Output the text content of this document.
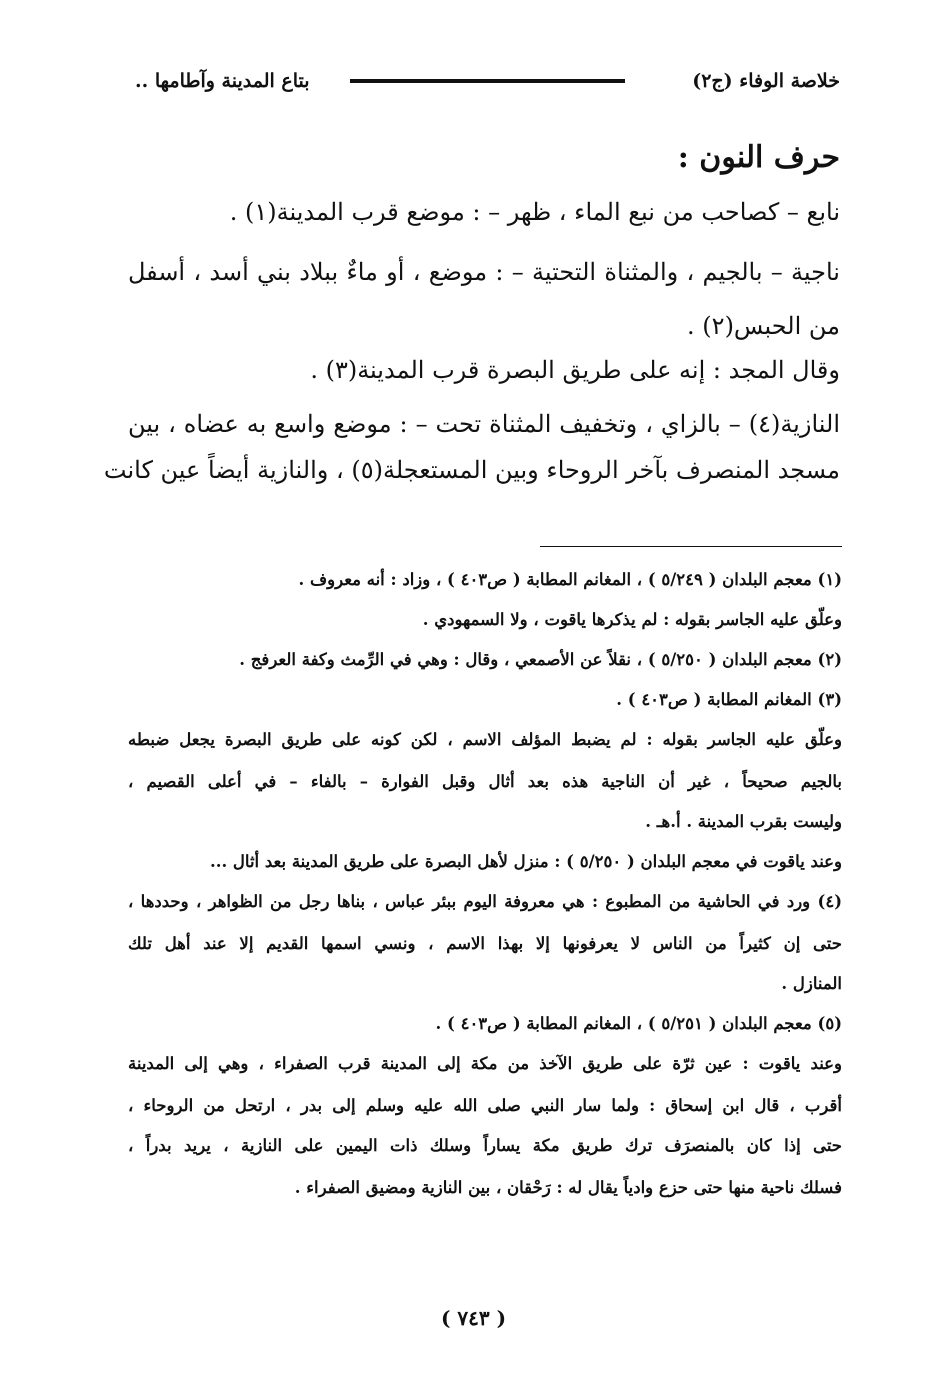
خلاصة الوفاء (ج٢)
بتاع المدينة وآطامها ..
حرف النون :
نابع – كصاحب من نبع الماء ، ظهر – : موضع قرب المدينة(١) .
ناجية – بالجيم ، والمثناة التحتية – : موضع ، أو ماءٌ ببلاد بني أسد ، أسفل
من الحبس(٢) .
وقال المجد : إنه على طريق البصرة قرب المدينة(٣) .
النازية(٤) – بالزاي ، وتخفيف المثناة تحت – : موضع واسع به عضاه ، بين
مسجد المنصرف بآخر الروحاء وبين المستعجلة(٥) ، والنازية أيضاً عين كانت
(١) معجم البلدان ( ٥/٢٤٩ ) ، المغانم المطابة ( ص٤٠٣ ) ، وزاد : أنه معروف .
وعلّق عليه الجاسر بقوله : لم يذكرها ياقوت ، ولا السمهودي .
(٢) معجم البلدان ( ٥/٢٥٠ ) ، نقلاً عن الأصمعي ، وقال : وهي في الرِّمث وكفة العرفج .
(٣) المغانم المطابة ( ص٤٠٣ ) .
وعلّق عليه الجاسر بقوله : لم يضبط المؤلف الاسم ، لكن كونه على طريق البصرة يجعل ضبطه
بالجيم صحيحاً ، غير أن الناجية هذه بعد أثال وقبل الفوارة – بالفاء – في أعلى القصيم ،
وليست بقرب المدينة . أ.هـ .
وعند ياقوت في معجم البلدان ( ٥/٢٥٠ ) : منزل لأهل البصرة على طريق المدينة بعد أثال ...
(٤) ورد في الحاشية من المطبوع : هي معروفة اليوم ببئر عباس ، بناها رجل من الظواهر ، وحددها ،
حتى إن كثيراً من الناس لا يعرفونها إلا بهذا الاسم ، ونسي اسمها القديم إلا عند أهل تلك
المنازل .
(٥) معجم البلدان ( ٥/٢٥١ ) ، المغانم المطابة ( ص٤٠٣ ) .
وعند ياقوت : عين ثرّة على طريق الآخذ من مكة إلى المدينة قرب الصفراء ، وهي إلى المدينة
أقرب ، قال ابن إسحاق : ولما سار النبي صلى الله عليه وسلم إلى بدر ، ارتحل من الروحاء ،
حتى إذا كان بالمنصرَف ترك طريق مكة يساراً وسلك ذات اليمين على النازية ، يريد بدراً ،
فسلك ناحية منها حتى حزع وادياً يقال له : رَحْقان ، بين النازية ومضيق الصفراء .
( ٧٤٣ )
